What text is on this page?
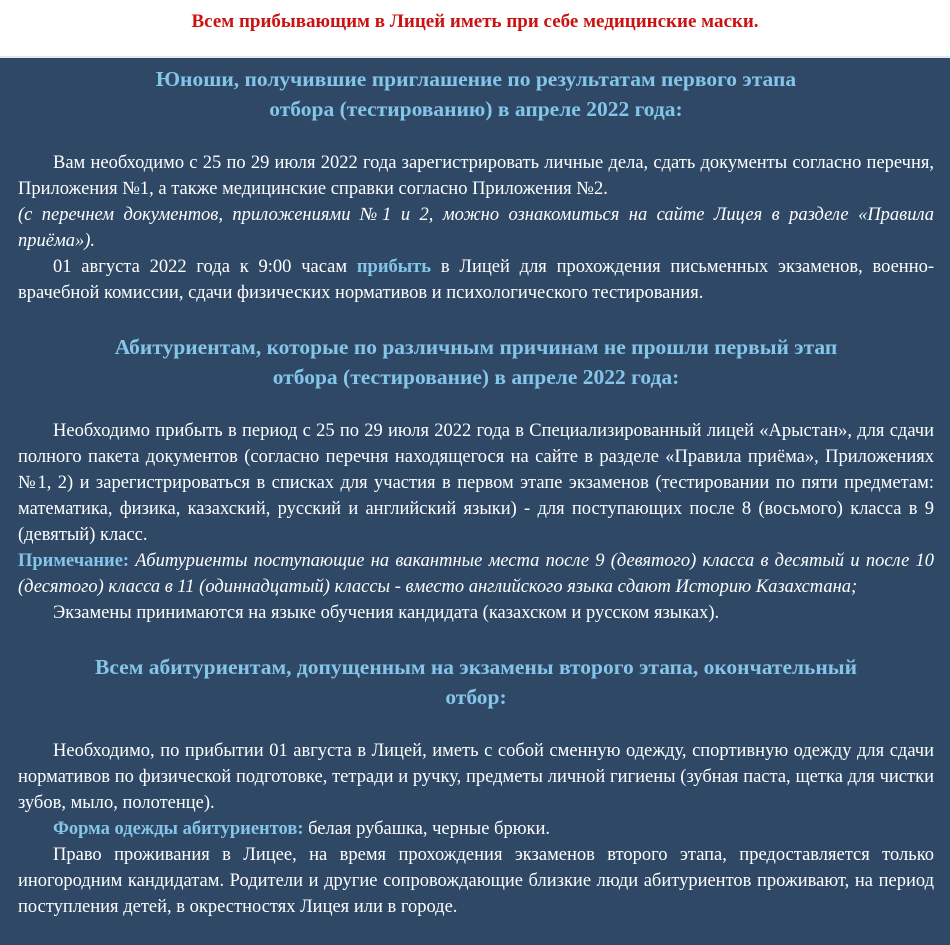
Всем прибывающим в Лицей иметь при себе медицинские маски.
Юноши, получившие приглашение по результатам первого этапа
отбора (тестированию) в апреле 2022 года:

Вам необходимо с 25 по 29 июля 2022 года зарегистрировать личные дела, сдать документы согласно перечня, Приложения №1, а также медицинские справки согласно Приложения №2.

(с перечнем документов, приложениями №1 и 2, можно ознакомиться на сайте Лицея в разделе «Правила приёма»).

01 августа 2022 года к 9:00 часам прибыть в Лицей для прохождения письменных экзаменов, военно-врачебной комиссии, сдачи физических нормативов и психологического тестирования.

Абитуриентам, которые по различным причинам не прошли первый этап
отбора (тестирование) в апреле 2022 года:

Необходимо прибыть в период с 25 по 29 июля 2022 года в Специализированный лицей «Арыстан», для сдачи полного пакета документов (согласно перечня находящегося на сайте в разделе «Правила приёма», Приложениях №1, 2) и зарегистрироваться в списках для участия в первом этапе экзаменов (тестировании по пяти предметам: математика, физика, казахский, русский и английский языки) - для поступающих после 8 (восьмого) класса в 9 (девятый) класс.

Примечание: Абитуриенты поступающие на вакантные места после 9 (девятого) класса в десятый и после 10 (десятого) класса в 11 (одиннадцатый) классы - вместо английского языка сдают Историю Казахстана;

Экзамены принимаются на языке обучения кандидата (казахском и русском языках).

Всем абитуриентам, допущенным на экзамены второго этапа, окончательный
отбор:

Необходимо, по прибытии 01 августа в Лицей, иметь с собой сменную одежду, спортивную одежду для сдачи нормативов по физической подготовке, тетради и ручку, предметы личной гигиены (зубная паста, щетка для чистки зубов, мыло, полотенце).

Форма одежды абитуриентов: белая рубашка, черные брюки.

Право проживания в Лицее, на время прохождения экзаменов второго этапа, предоставляется только иногородним кандидатам. Родители и другие сопровождающие близкие люди абитуриентов проживают, на период поступления детей, в окрестностях Лицея или в городе.
